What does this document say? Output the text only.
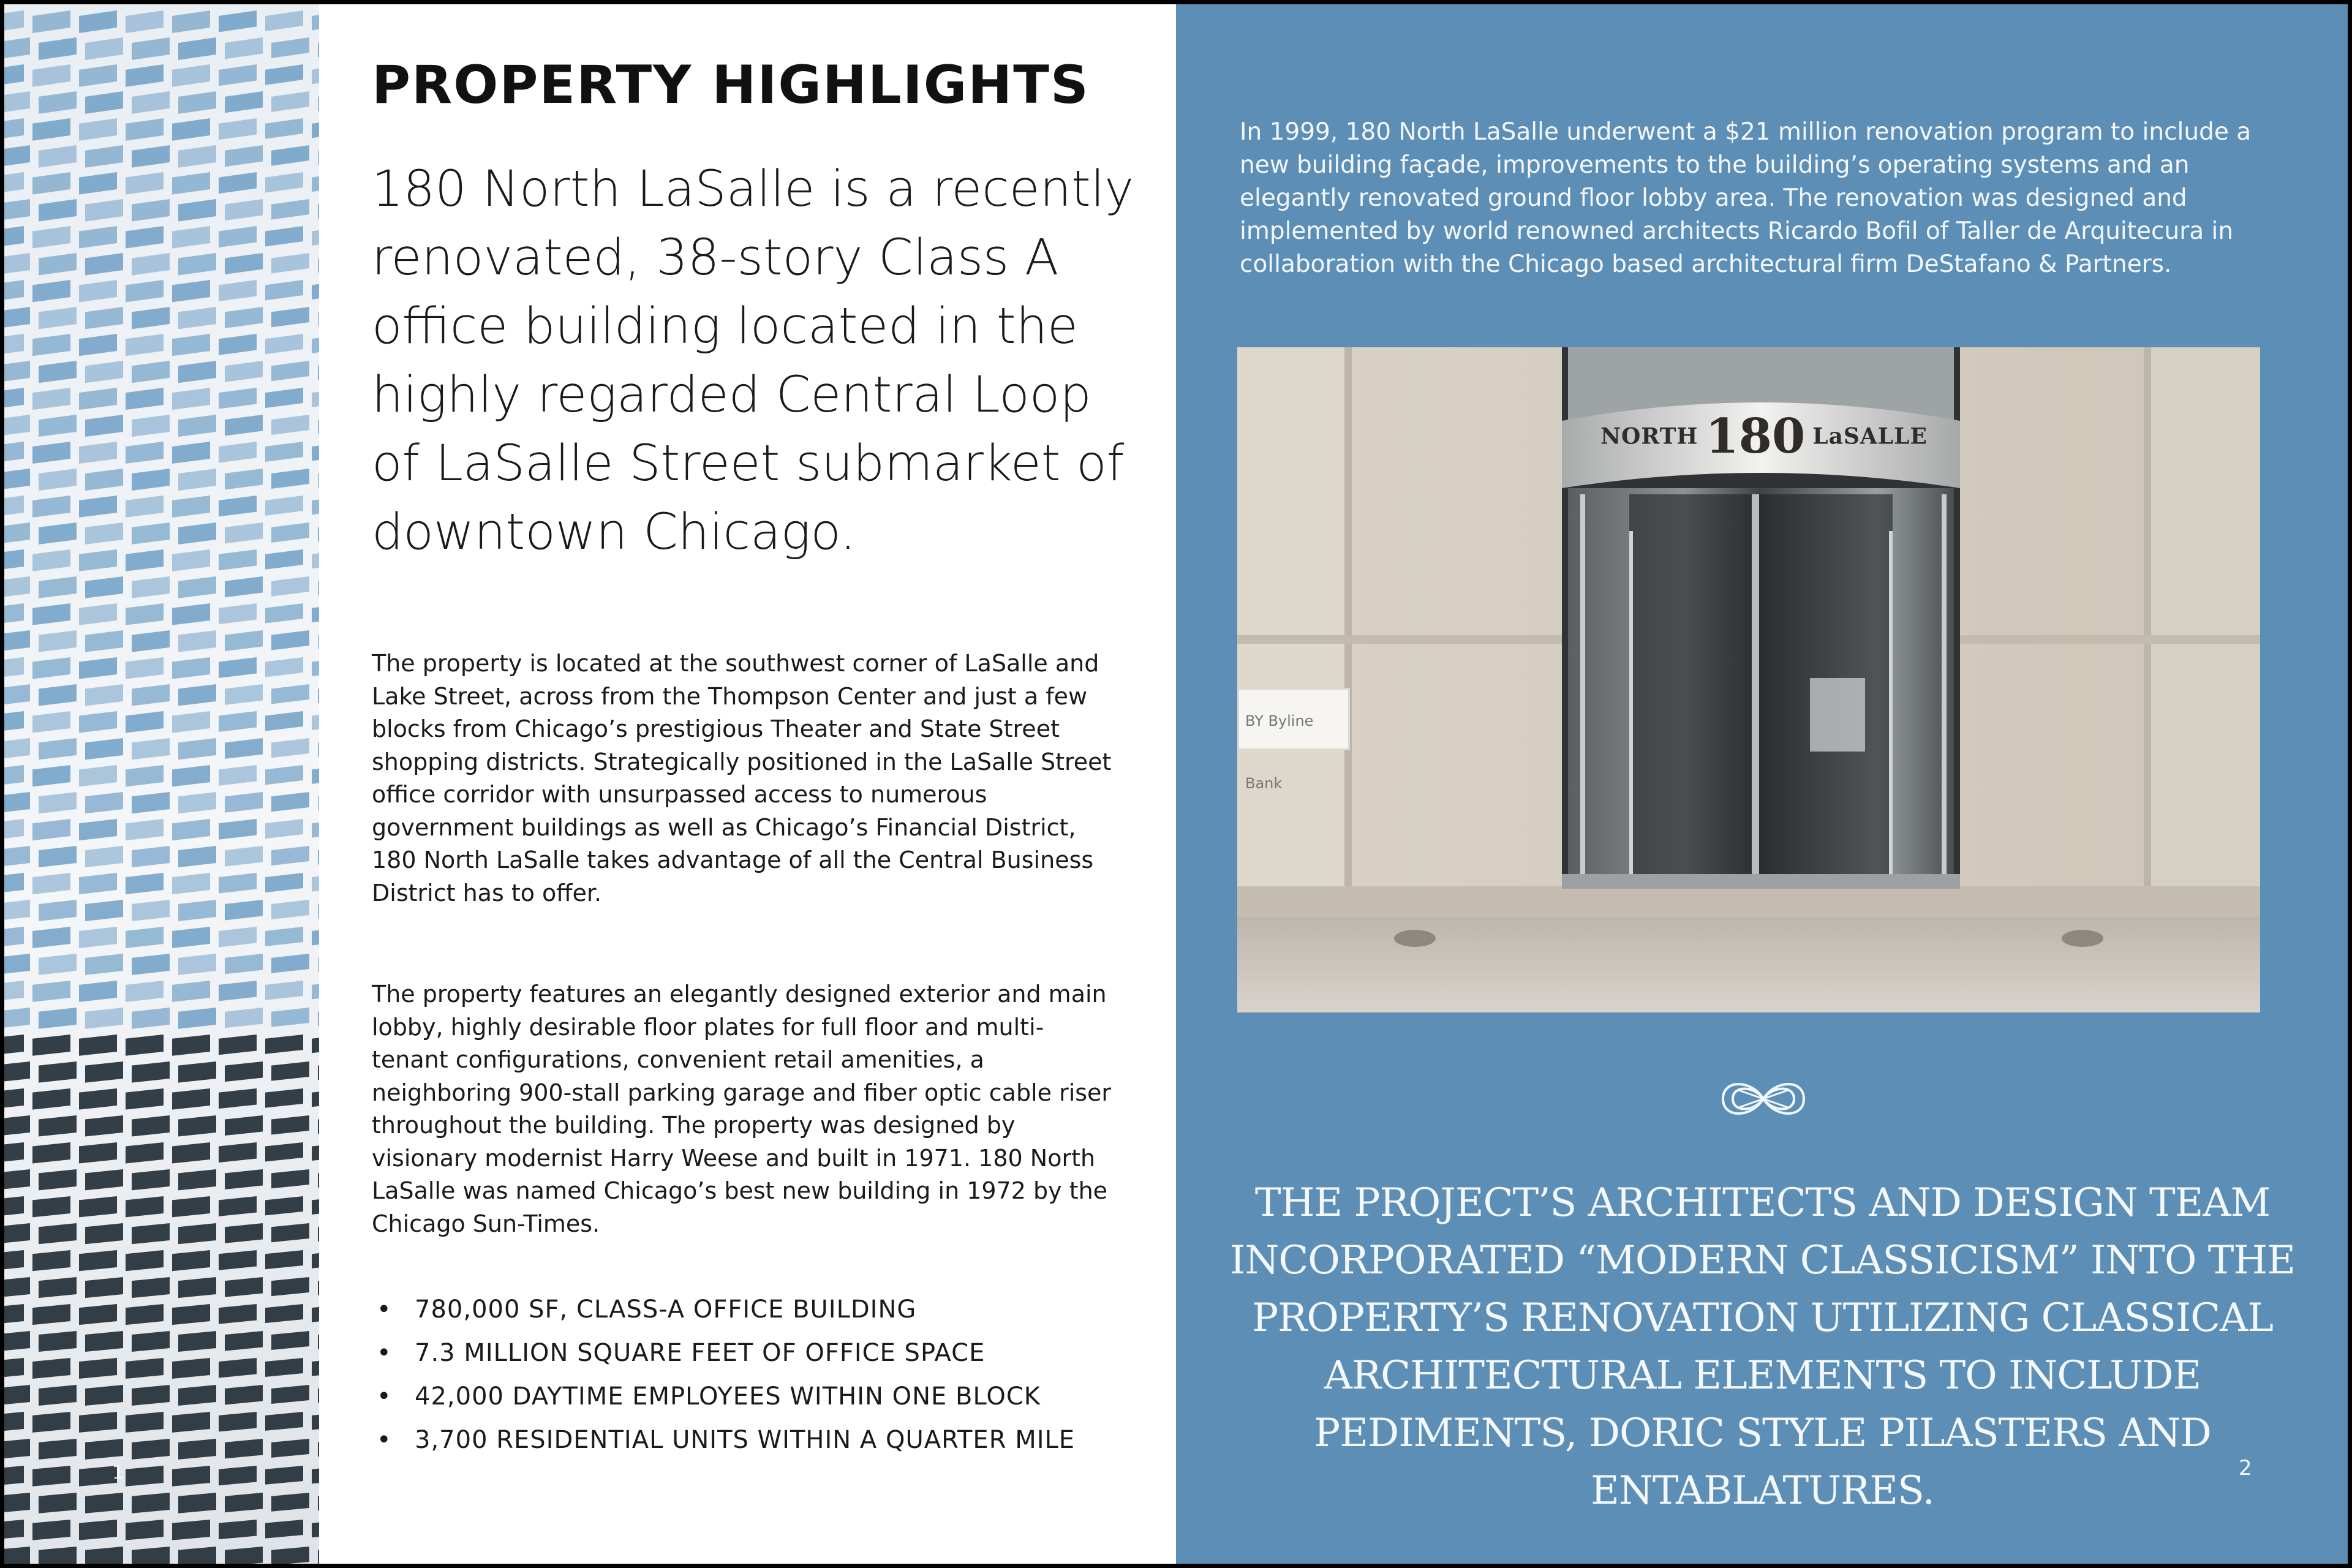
1
PROPERTY HIGHLIGHTS

180 North LaSalle is a recently renovated, 38-story Class A office building located in the highly regarded Central Loop of LaSalle Street submarket of downtown Chicago.

The property is located at the southwest corner of LaSalle and Lake Street, across from the Thompson Center and just a few blocks from Chicago’s prestigious Theater and State Street shopping districts. Strategically positioned in the LaSalle Street office corridor with unsurpassed access to numerous government buildings as well as Chicago’s Financial District, 180 North LaSalle takes advantage of all the Central Business District has to offer.

The property features an elegantly designed exterior and main lobby, highly desirable floor plates for full floor and multi-tenant configurations, convenient retail amenities, a neighboring 900-stall parking garage and fiber optic cable riser throughout the building. The property was designed by visionary modernist Harry Weese and built in 1971. 180 North LaSalle was named Chicago’s best new building in 1972 by the Chicago Sun-Times.

• 780,000 SF, CLASS-A OFFICE BUILDING
• 7.3 MILLION SQUARE FEET OF OFFICE SPACE
• 42,000 DAYTIME EMPLOYEES WITHIN ONE BLOCK
• 3,700 RESIDENTIAL UNITS WITHIN A QUARTER MILE

In 1999, 180 North LaSalle underwent a $21 million renovation program to include a new building façade, improvements to the building’s operating systems and an elegantly renovated ground floor lobby area. The renovation was designed and implemented by world renowned architects Ricardo Bofil of Taller de Arquitecura in collaboration with the Chicago based architectural firm DeStafano & Partners.

NORTH 180 LaSALLE
BY Byline Bank

THE PROJECT’S ARCHITECTS AND DESIGN TEAM INCORPORATED “MODERN CLASSICISM” INTO THE PROPERTY’S RENOVATION UTILIZING CLASSICAL ARCHITECTURAL ELEMENTS TO INCLUDE PEDIMENTS, DORIC STYLE PILASTERS AND ENTABLATURES.	2
